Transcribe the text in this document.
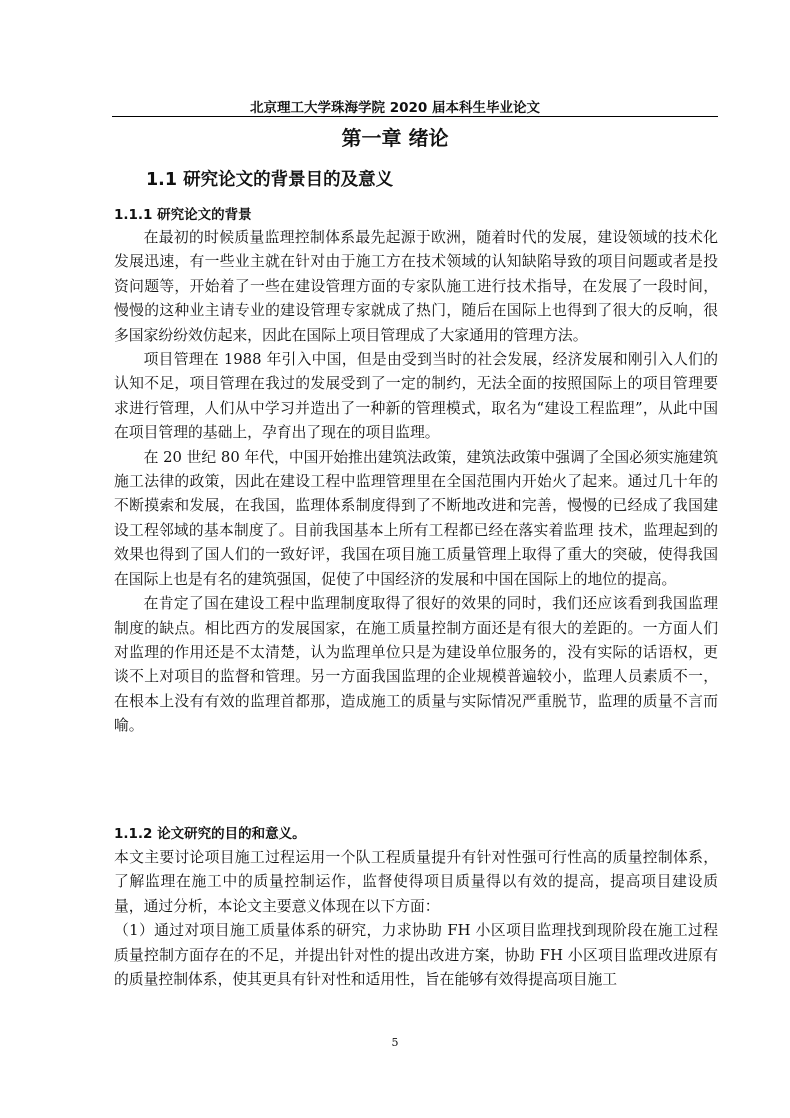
北京理工大学珠海学院 2020 届本科生毕业论文
第一章 绪论
1.1 研究论文的背景目的及意义
1.1.1 研究论文的背景

在最初的时候质量监理控制体系最先起源于欧洲，随着时代的发展，建设领域的技术化发展迅速，有一些业主就在针对由于施工方在技术领域的认知缺陷导致的项目问题或者是投资问题等，开始着了一些在建设管理方面的专家队施工进行技术指导，在发展了一段时间，慢慢的这种业主请专业的建设管理专家就成了热门，随后在国际上也得到了很大的反响，很多国家纷纷效仿起来，因此在国际上项目管理成了大家通用的管理方法。

项目管理在 1988 年引入中国，但是由受到当时的社会发展，经济发展和刚引入人们的认知不足，项目管理在我过的发展受到了一定的制约，无法全面的按照国际上的项目管理要求进行管理，人们从中学习并造出了一种新的管理模式，取名为“建设工程监理”，从此中国在项目管理的基础上，孕育出了现在的项目监理。

在 20 世纪 80 年代，中国开始推出建筑法政策，建筑法政策中强调了全国必须实施建筑施工法律的政策，因此在建设工程中监理管理里在全国范围内开始火了起来。通过几十年的不断摸索和发展，在我国，监理体系制度得到了不断地改进和完善，慢慢的已经成了我国建设工程邻域的基本制度了。目前我国基本上所有工程都已经在落实着监理 技术，监理起到的效果也得到了国人们的一致好评，我国在项目施工质量管理上取得了重大的突破，使得我国在国际上也是有名的建筑强国，促使了中国经济的发展和中国在国际上的地位的提高。

在肯定了国在建设工程中监理制度取得了很好的效果的同时，我们还应该看到我国监理制度的缺点。相比西方的发展国家，在施工质量控制方面还是有很大的差距的。一方面人们对监理的作用还是不太清楚，认为监理单位只是为建设单位服务的，没有实际的话语权，更谈不上对项目的监督和管理。另一方面我国监理的企业规模普遍较小，监理人员素质不一，在根本上没有有效的监理首都那，造成施工的质量与实际情况严重脱节，监理的质量不言而喻。

1.1.2 论文研究的目的和意义。

本文主要讨论项目施工过程运用一个队工程质量提升有针对性强可行性高的质量控制体系，了解监理在施工中的质量控制运作，监督使得项目质量得以有效的提高，提高项目建设质量，通过分析，本论文主要意义体现在以下方面：

（1）通过对项目施工质量体系的研究，力求协助 FH 小区项目监理找到现阶段在施工过程质量控制方面存在的不足，并提出针对性的提出改进方案，协助 FH 小区项目监理改进原有的质量控制体系，使其更具有针对性和适用性，旨在能够有效得提高项目施工

5
